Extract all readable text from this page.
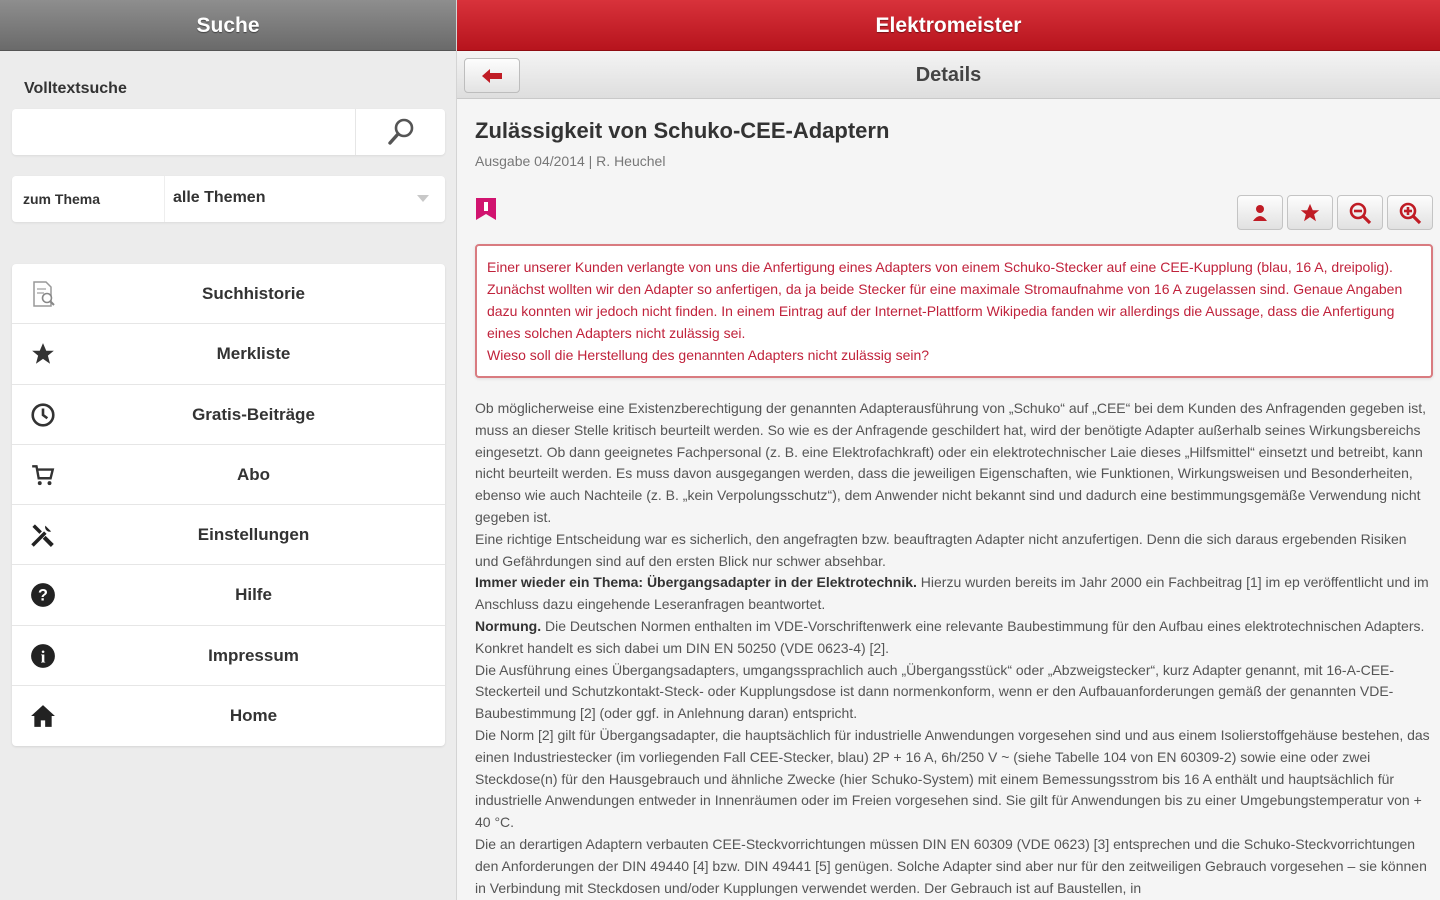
Suche
Volltextsuche
zum Thema	alle Themen
Suchhistorie
Merkliste
Gratis-Beiträge
Abo
Einstellungen
?	Hilfe
i	Impressum
Home
Elektromeister
Details
Zulässigkeit von Schuko-CEE-Adaptern
Ausgabe 04/2014 | R. Heuchel

Einer unserer Kunden verlangte von uns die Anfertigung eines Adapters von einem Schuko-Stecker auf eine CEE-Kupplung (blau, 16 A, dreipolig). Zunächst wollten wir den Adapter so anfertigen, da ja beide Stecker für eine maximale Stromaufnahme von 16 A zugelassen sind. Genaue Angaben dazu konnten wir jedoch nicht finden. In einem Eintrag auf der Internet-Plattform Wikipedia fanden wir allerdings die Aussage, dass die Anfertigung eines solchen Adapters nicht zulässig sei.

Wieso soll die Herstellung des genannten Adapters nicht zulässig sein?

Ob möglicherweise eine Existenzberechtigung der genannten Adapterausführung von „Schuko“ auf „CEE“ bei dem Kunden des Anfragenden gegeben ist, muss an dieser Stelle kritisch beurteilt werden. So wie es der Anfragende geschildert hat, wird der benötigte Adapter außerhalb seines Wirkungsbereichs eingesetzt. Ob dann geeignetes Fachpersonal (z. B. eine Elektrofachkraft) oder ein elektrotechnischer Laie dieses „Hilfsmittel“ einsetzt und betreibt, kann nicht beurteilt werden. Es muss davon ausgegangen werden, dass die jeweiligen Eigenschaften, wie Funktionen, Wirkungsweisen und Besonderheiten, ebenso wie auch Nachteile (z. B. „kein Verpolungsschutz“), dem Anwender nicht bekannt sind und dadurch eine bestimmungsgemäße Verwendung nicht gegeben ist.

Eine richtige Entscheidung war es sicherlich, den angefragten bzw. beauftragten Adapter nicht anzufertigen. Denn die sich daraus ergebenden Risiken und Gefährdungen sind auf den ersten Blick nur schwer absehbar.

Immer wieder ein Thema: Übergangsadapter in der Elektrotechnik. Hierzu wurden bereits im Jahr 2000 ein Fachbeitrag [1] im ep veröffentlicht und im Anschluss dazu eingehende Leseranfragen beantwortet.

Normung. Die Deutschen Normen enthalten im VDE-Vorschriftenwerk eine relevante Baubestimmung für den Aufbau eines elektrotechnischen Adapters. Konkret handelt es sich dabei um DIN EN 50250 (VDE 0623-4) [2].

Die Ausführung eines Übergangsadapters, umgangssprachlich auch „Übergangsstück“ oder „Abzweigstecker“, kurz Adapter genannt, mit 16-A-CEE-Steckerteil und Schutzkontakt-Steck- oder Kupplungsdose ist dann normenkonform, wenn er den Aufbauanforderungen gemäß der genannten VDE-Baubestimmung [2] (oder ggf. in Anlehnung daran) entspricht.

Die Norm [2] gilt für Übergangsadapter, die hauptsächlich für industrielle Anwendungen vorgesehen sind und aus einem Isolierstoffgehäuse bestehen, das einen Industriestecker (im vorliegenden Fall CEE-Stecker, blau) 2P + 16 A, 6h/250 V ~ (siehe Tabelle 104 von EN 60309-2) sowie eine oder zwei Steckdose(n) für den Hausgebrauch und ähnliche Zwecke (hier Schuko-System) mit einem Bemessungsstrom bis 16 A enthält und hauptsächlich für industrielle Anwendungen entweder in Innenräumen oder im Freien vorgesehen sind. Sie gilt für Anwendungen bis zu einer Umgebungstemperatur von + 40 °C.

Die an derartigen Adaptern verbauten CEE-Steckvorrichtungen müssen DIN EN 60309 (VDE 0623) [3] entsprechen und die Schuko-Steckvorrichtungen den Anforderungen der DIN 49440 [4] bzw. DIN 49441 [5] genügen. Solche Adapter sind aber nur für den zeitweiligen Gebrauch vorgesehen – sie können in Verbindung mit Steckdosen und/oder Kupplungen verwendet werden. Der Gebrauch ist auf Baustellen, in
